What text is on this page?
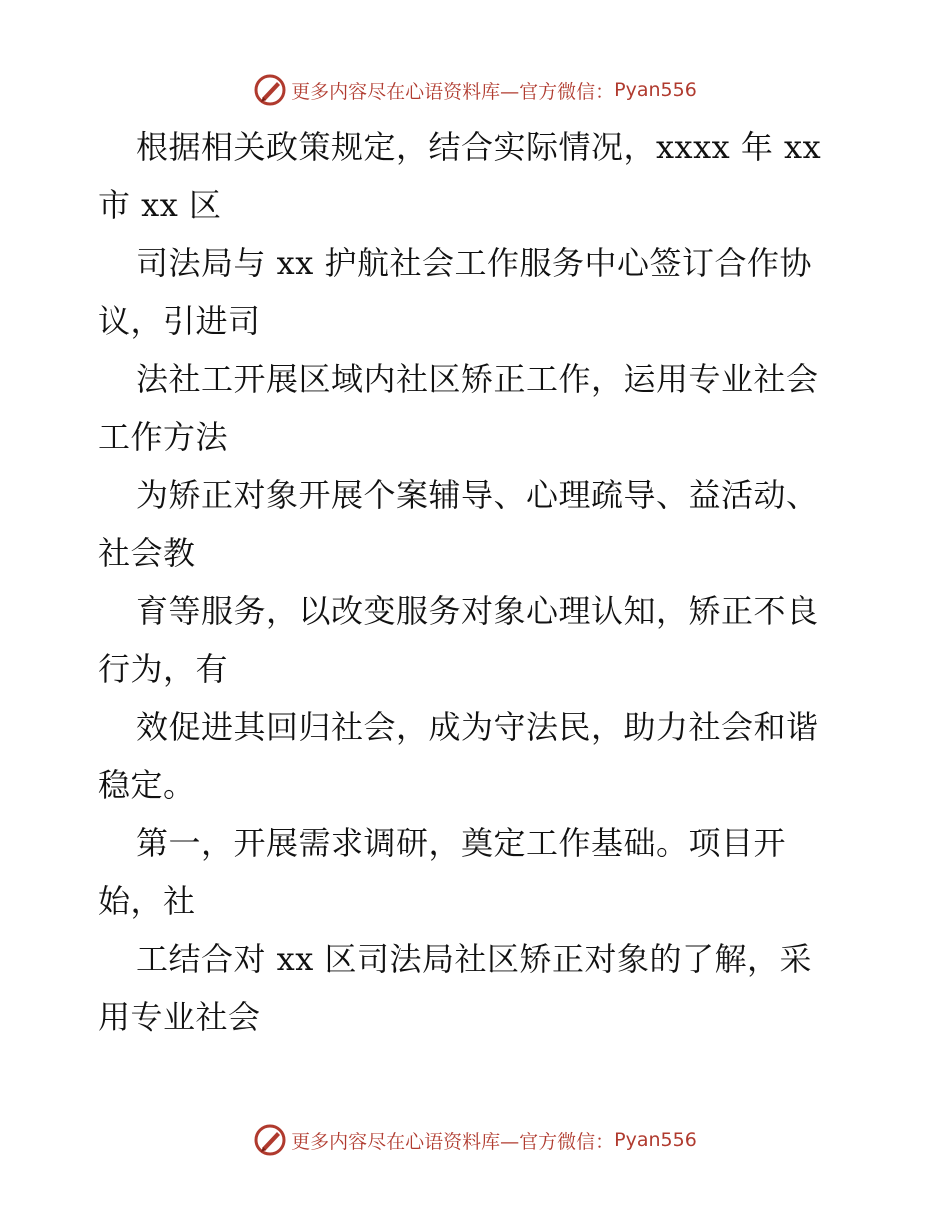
更多内容尽在心语资料库—官方微信： Pyan556
根据相关政策规定，结合实际情况，xxxx 年 xx
市 xx 区
司法局与 xx 护航社会工作服务中心签订合作协
议，引进司
法社工开展区域内社区矫正工作，运用专业社会
工作方法
为矫正对象开展个案辅导、心理疏导、益活动、
社会教
育等服务，以改变服务对象心理认知，矫正不良
行为，有
效促进其回归社会，成为守法民，助力社会和谐
稳定。
第一，开展需求调研，奠定工作基础。项目开
始，社
工结合对 xx 区司法局社区矫正对象的了解，采
用专业社会
更多内容尽在心语资料库—官方微信： Pyan556
